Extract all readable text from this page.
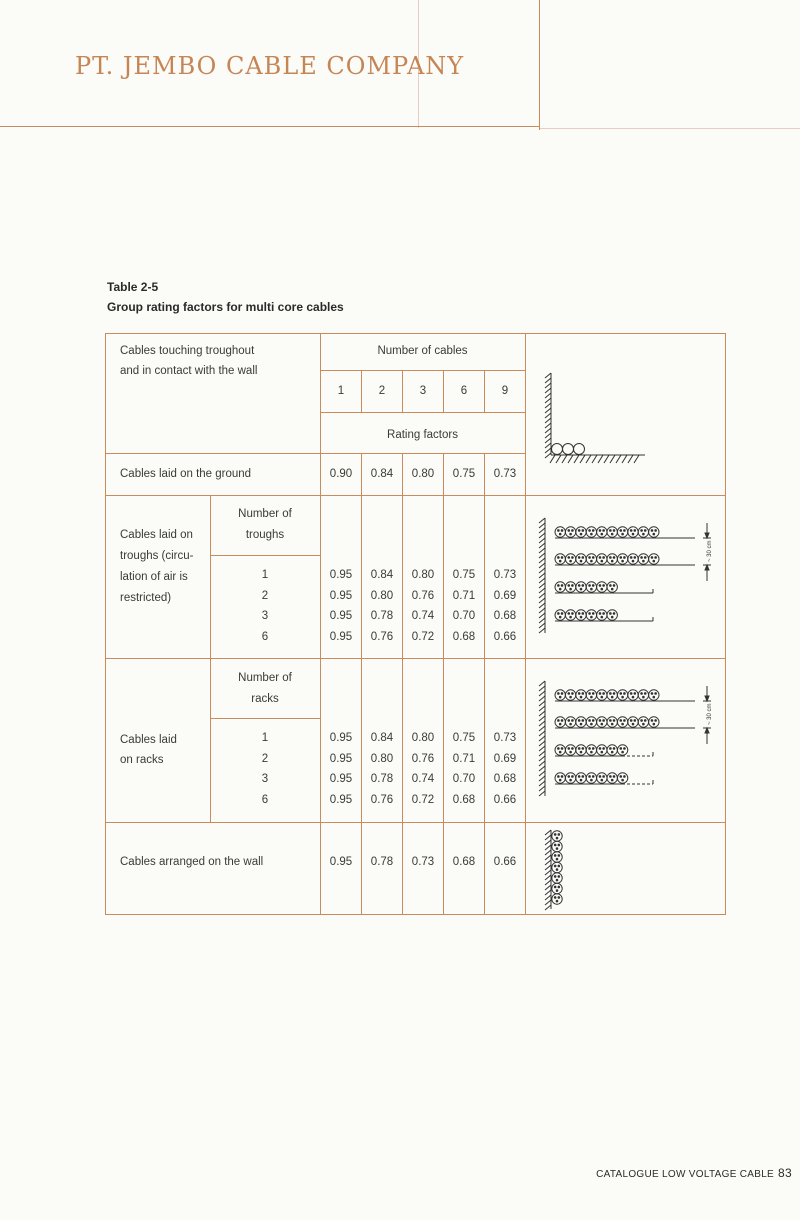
PT. JEMBO CABLE COMPANY
Table 2-5
Group rating factors for multi core cables
Cables touching troughout
and in contact with the wall
Number of cables
1	2	3	6	9
Rating factors
Cables laid on the ground	0.90	0.84	0.80	0.75	0.73
Cables laid on
troughs (circu-
lation of air is
restricted)
Number of
troughs
1	0.95	0.84	0.80	0.75	0.73
2	0.95	0.80	0.76	0.71	0.69
3	0.95	0.78	0.74	0.70	0.68
6	0.95	0.76	0.72	0.68	0.66
Cables laid
on racks
Number of
racks
1	0.95	0.84	0.80	0.75	0.73
2	0.95	0.80	0.76	0.71	0.69
3	0.95	0.78	0.74	0.70	0.68
6	0.95	0.76	0.72	0.68	0.66
Cables arranged on the wall	0.95	0.78	0.73	0.68	0.66
~ 30 cm
~ 30 cm
CATALOGUE LOW VOLTAGE CABLE 83
